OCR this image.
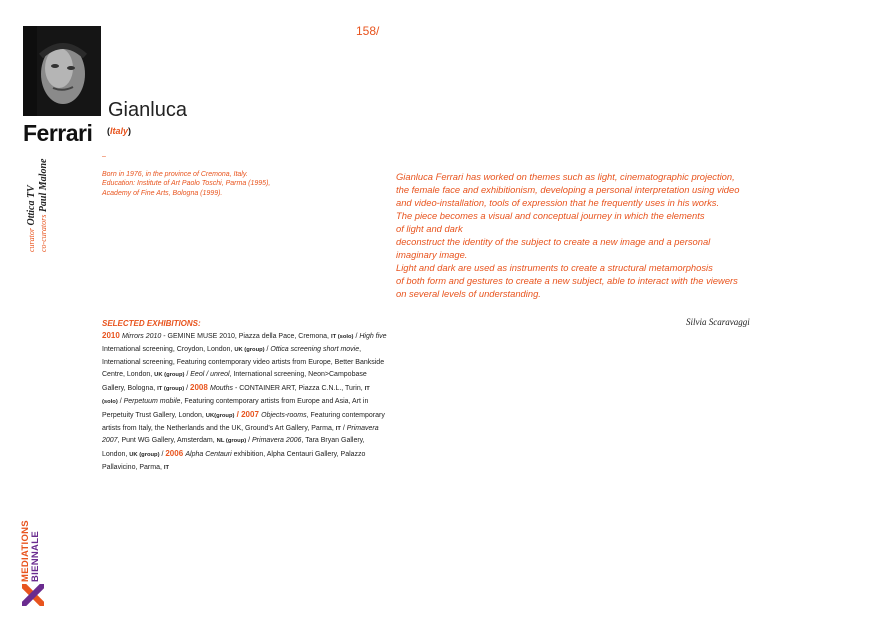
158/
Gianluca
Ferrari (Italy)
curator Ottica TV
co-curators Paul Malone
–
Born in 1976, in the province of Cremona, Italy.
Education: Institute of Art Paolo Toschi, Parma (1995),
Academy of Fine Arts, Bologna (1999).
Gianluca Ferrari has worked on themes such as light, cinematographic projection,
the female face and exhibitionism, developing a personal interpretation using video
and video-installation, tools of expression that he frequently uses in his works.
The piece becomes a visual and conceptual journey in which the elements
of light and dark
deconstruct the identity of the subject to create a new image and a personal
imaginary image.
Light and dark are used as instruments to create a structural metamorphosis
of both form and gestures to create a new subject, able to interact with the viewers
on several levels of understanding.
Silvia Scaravaggi
SELECTED EXHIBITIONS:
2010 Mirrors 2010 - GEMINE MUSE 2010, Piazza della Pace, Cremona, IT (solo) / High five International screening, Croydon, London, UK (group) / Ottica screening short movie, International screening, Featuring contemporary video artists from Europe, Better Bankside Centre, London, UK (group) / Eeol / unreol, International screening, Neon>Campobase Gallery, Bologna, IT (group) / 2008 Mouths - CONTAINER ART, Piazza C.N.L., Turin, IT (solo) / Perpetuum mobile, Featuring contemporary artists from Europe and Asia, Art in Perpetuity Trust Gallery, London, UK(group) / 2007 Objects-rooms, Featuring contemporary artists from Italy, the Netherlands and the UK, Ground's Art Gallery, Parma, IT / Primavera 2007, Punt WG Gallery, Amsterdam, NL (group) / Primavera 2006, Tara Bryan Gallery, London, UK (group) / 2006 Alpha Centauri exhibition, Alpha Centauri Gallery, Palazzo Pallavicino, Parma, IT
MEDIATIONS BIENNALE
